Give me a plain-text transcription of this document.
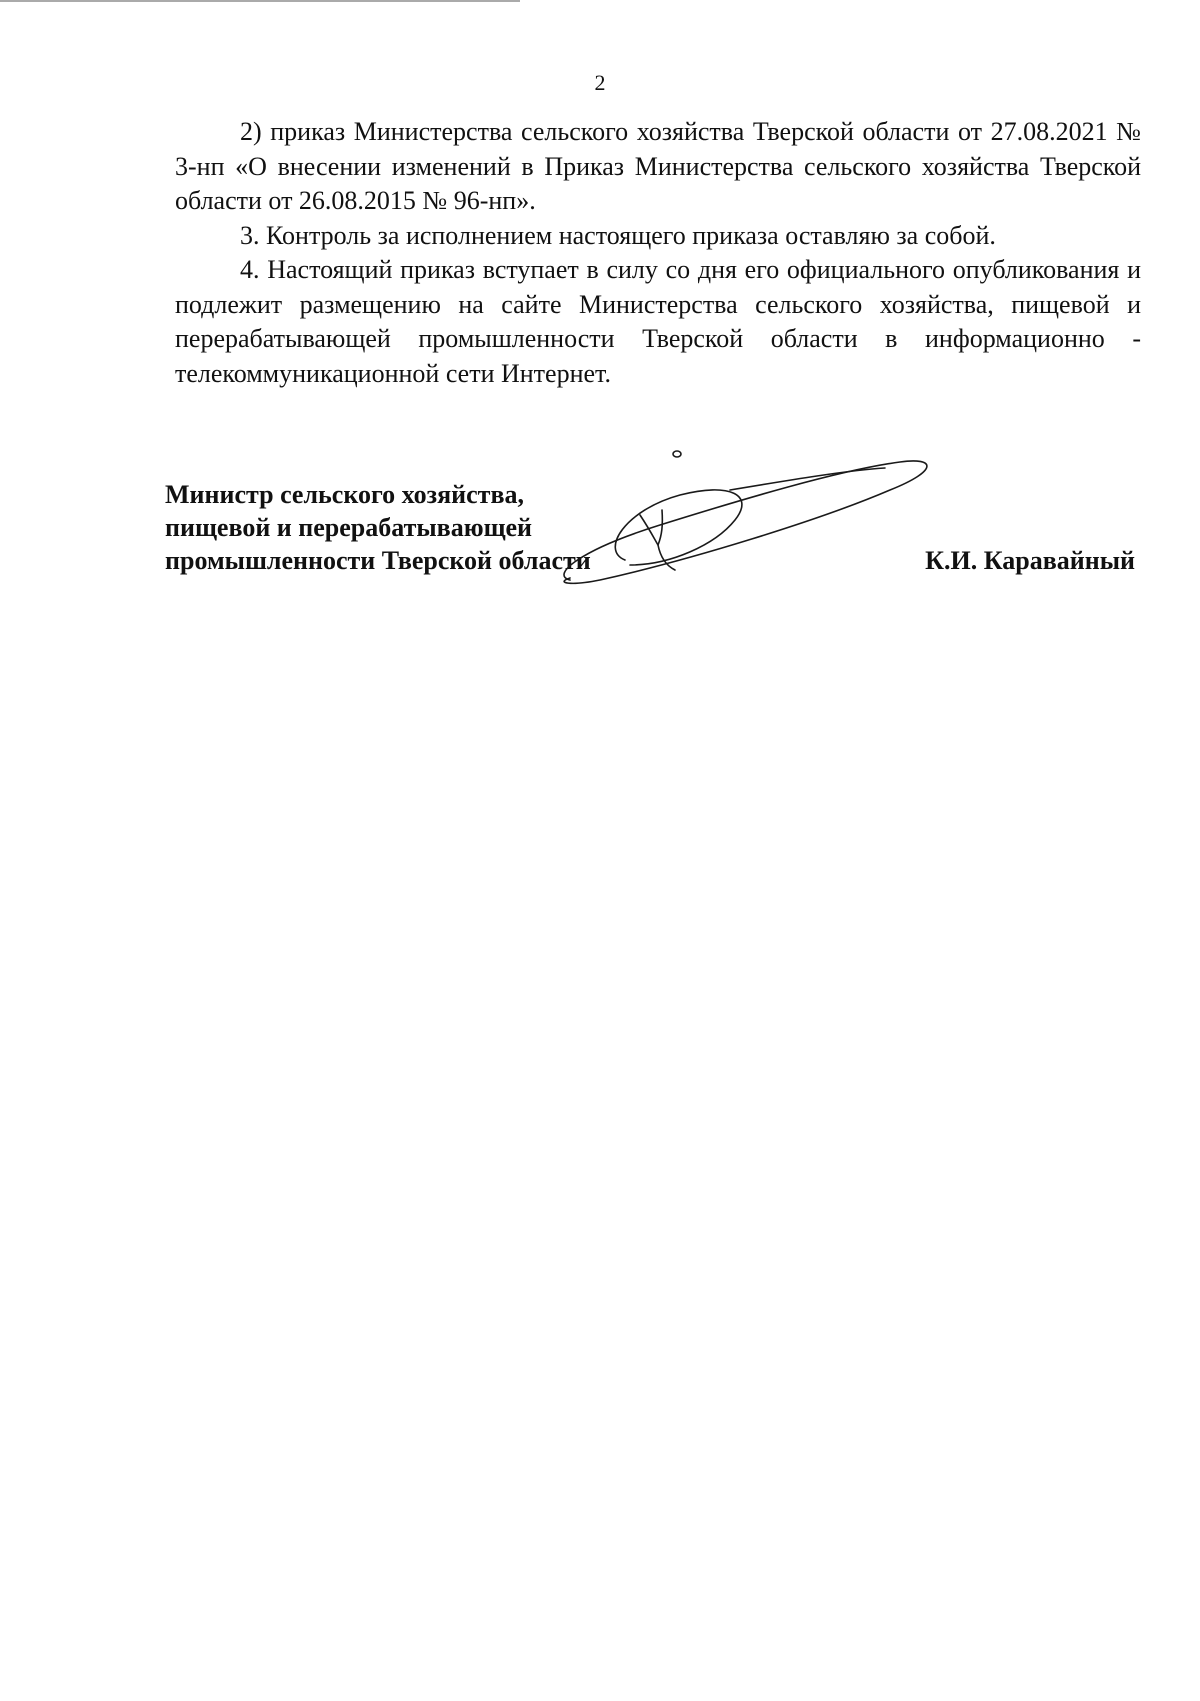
2

2) приказ Министерства сельского хозяйства Тверской области от 27.08.2021 № 3-нп «О внесении изменений в Приказ Министерства сельского хозяйства Тверской области от 26.08.2015 № 96-нп».

3. Контроль за исполнением настоящего приказа оставляю за собой.

4. Настоящий приказ вступает в силу со дня его официального опубликования и подлежит размещению на сайте Министерства сельского хозяйства, пищевой и перерабатывающей промышленности Тверской области в информационно - телекоммуникационной сети Интернет.

Министр сельского хозяйства,
пищевой и перерабатывающей
промышленности Тверской области	К.И. Каравайный
